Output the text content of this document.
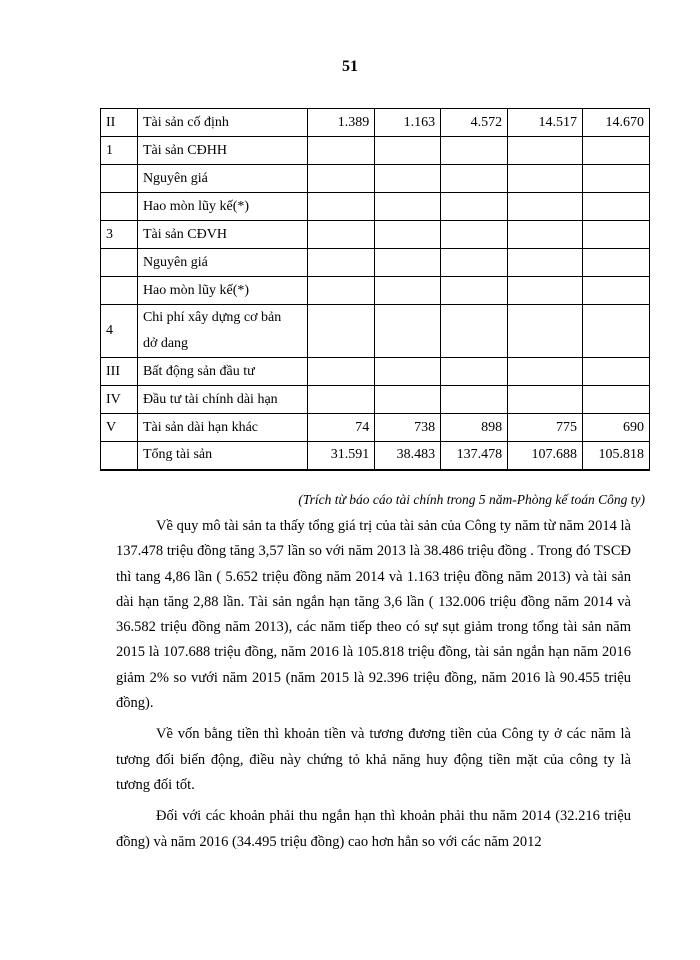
51
II	Tài sản cố định	1.389	1.163	4.572	14.517	14.670
1	Tài sản CĐHH					
	Nguyên giá					
	Hao mòn lũy kế(*)					
3	Tài sản CĐVH					
	Nguyên giá					
	Hao mòn lũy kế(*)					
4	Chi phí xây dựng cơ bản
dở dang					

III	Bất động sản đầu tư					
IV	Đầu tư tài chính dài hạn					
V	Tài sản dài hạn khác	74	738	898	775	690
	Tổng tài sản	31.591	38.483	137.478	107.688	105.818
(Trích từ báo cáo tài chính trong 5 năm-Phòng kế toán Công ty)

Về quy mô tài sản ta thấy tổng giá trị của tài sản của Công ty năm từ năm 2014 là 137.478 triệu đồng tăng 3,57 lần so với năm 2013 là 38.486 triệu đồng . Trong đó TSCĐ thì tang 4,86 lần ( 5.652 triệu đồng năm 2014 và 1.163 triệu đồng năm 2013) và tài sản dài hạn tăng 2,88 lần. Tài sản ngắn hạn tăng 3,6 lần ( 132.006 triệu đồng năm 2014 và 36.582 triệu đồng năm 2013), các năm tiếp theo có sự sụt giảm trong tổng tài sản năm 2015 là 107.688 triệu đồng, năm 2016 là 105.818 triệu đồng, tài sản ngắn hạn năm 2016 giảm 2% so vưới năm 2015 (năm 2015 là 92.396 triệu đồng, năm 2016 là 90.455 triệu đồng).

Về vốn bằng tiền thì khoản tiền và tương đương tiền của Công ty ở các năm là tương đối biến động, điều này chứng tỏ khả năng huy động tiền mặt của công ty là tương đối tốt.

Đối với các khoản phải thu ngắn hạn thì khoản phải thu năm 2014 (32.216 triệu đồng) và năm 2016 (34.495 triệu đồng) cao hơn hẳn so với các năm 2012
